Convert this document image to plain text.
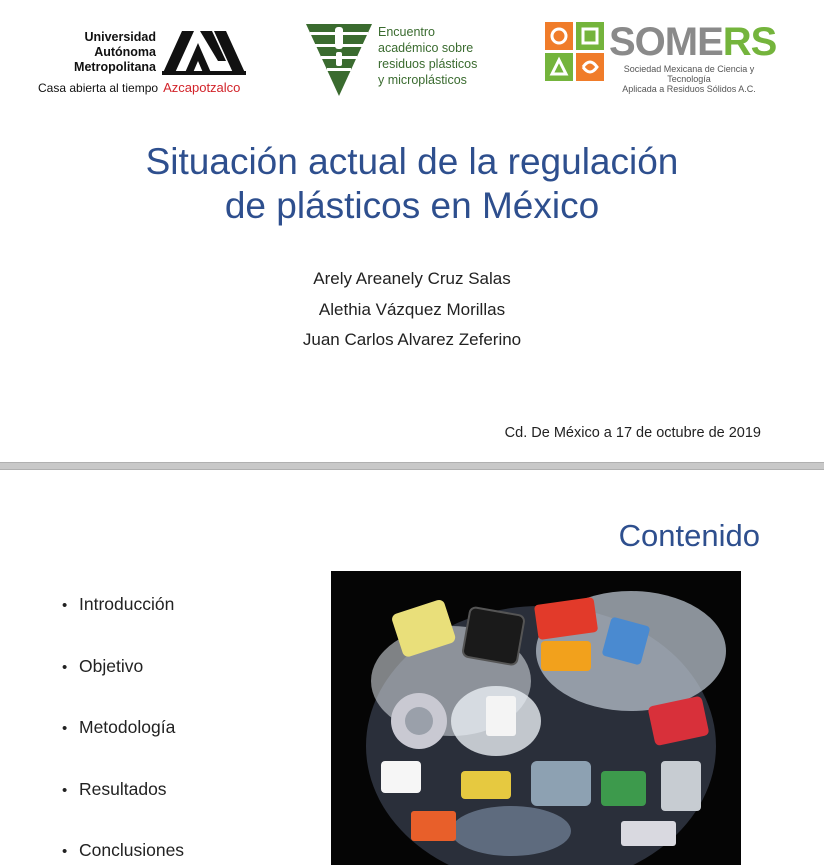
Universidad
Autónoma
Metropolitana
Casa abierta al tiempo Azcapotzalco
Encuentro
académico sobre
residuos plásticos
y microplásticos
SOMERS
Sociedad Mexicana de Ciencia y Tecnología
Aplicada a Residuos Sólidos A.C.
Situación actual de la regulación
de plásticos en México
Arely Areanely Cruz Salas
Alethia Vázquez Morillas
Juan Carlos Alvarez Zeferino
Cd. De México a 17 de octubre de 2019
Contenido
• Introducción
• Objetivo
• Metodología
• Resultados
• Conclusiones
